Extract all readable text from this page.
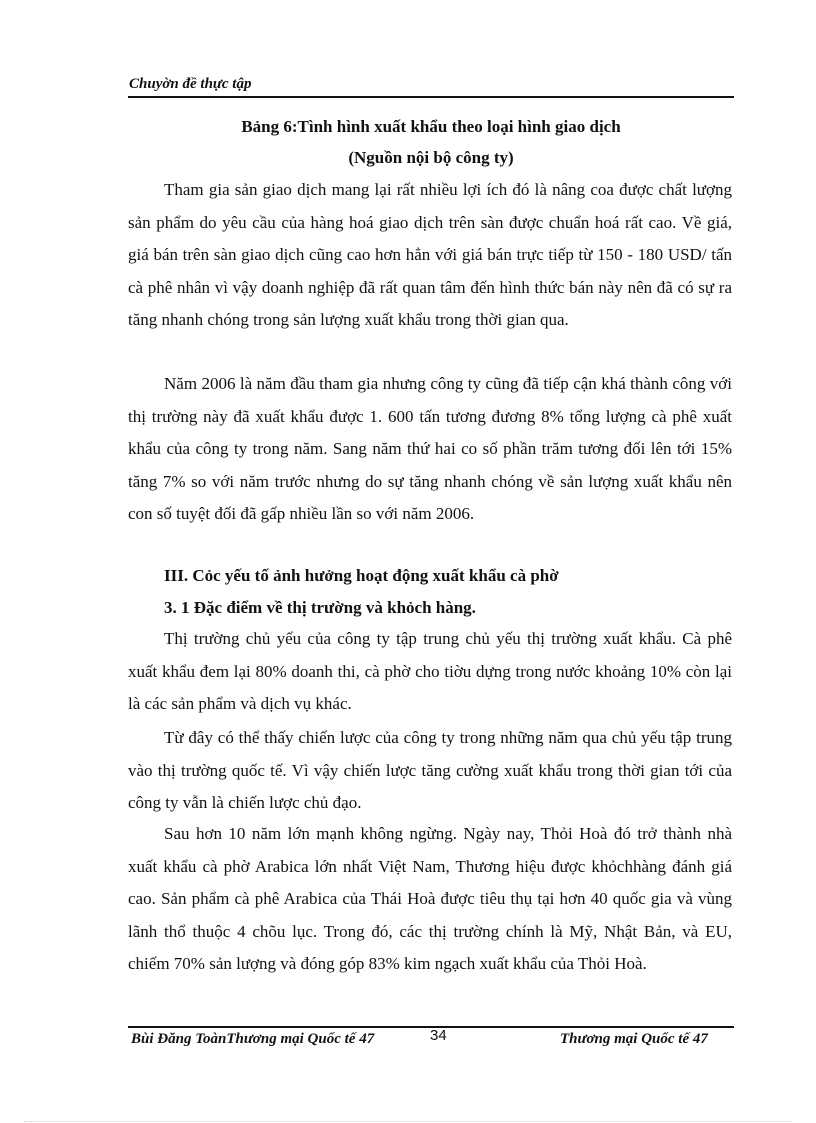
Chuyờn đề thực tập
Bảng 6:Tình hình xuất khẩu theo loại hình giao dịch
(Nguồn nội bộ công ty)

Tham gia sản giao dịch mang lại rất nhiều lợi ích đó là nâng coa được chất lượng sản phẩm do yêu cầu của hàng hoá giao dịch trên sàn được chuẩn hoá rất cao. Về giá, giá bán trên sàn giao dịch cũng cao hơn hẳn với giá bán trực tiếp từ 150 - 180 USD/ tấn cà phê nhân vì vậy doanh nghiệp đã rất quan tâm đến hình thức bán này nên đã có sự ra tăng nhanh chóng trong sản lượng xuất khẩu trong thời gian qua.

Năm 2006 là năm đầu tham gia nhưng công ty cũng đã tiếp cận khá thành công với thị trường này đã xuất khẩu được 1. 600 tấn tương đương 8% tổng lượng cà phê xuất khẩu của công ty trong năm. Sang năm thứ hai co số phần trăm tương đối lên tới 15% tăng 7% so với năm trước nhưng do sự tăng nhanh chóng về sản lượng xuất khẩu nên con số tuyệt đối đã gấp nhiều lần so với năm 2006.

III. Cỏc yếu tố ảnh hưởng hoạt động xuất khẩu cà phờ
3. 1 Đặc điểm về thị trường và khỏch hàng.

Thị trường chủ yếu của công ty tập trung chủ yếu thị trường xuất khẩu. Cà phê xuất khẩu đem lại 80% doanh thi, cà phờ cho tiờu dựng trong nước khoảng 10% còn lại là các sản phẩm và dịch vụ khác.

Từ đây có thể thấy chiến lược của công ty trong những năm qua chủ yếu tập trung vào thị trường quốc tế. Vì vậy chiến lược tăng cường xuất khẩu trong thời gian tới của công ty vẫn là chiến lược chủ đạo.

Sau hơn 10 năm lớn mạnh không ngừng. Ngày nay, Thỏi Hoà đó trở thành nhà xuất khẩu cà phờ Arabica lớn nhất Việt Nam, Thương hiệu được khỏchhàng đánh giá cao. Sản phẩm cà phê Arabica của Thái Hoà được tiêu thụ tại hơn 40 quốc gia và vùng lãnh thổ thuộc 4 chõu lục. Trong đó, các thị trường chính là Mỹ, Nhật Bản, và EU, chiếm 70% sản lượng và đóng góp 83% kim ngạch xuất khẩu của Thỏi Hoà.

Bùi Đăng ToànThương mại Quốc tế 47	34	Thương mại Quốc tế 47
